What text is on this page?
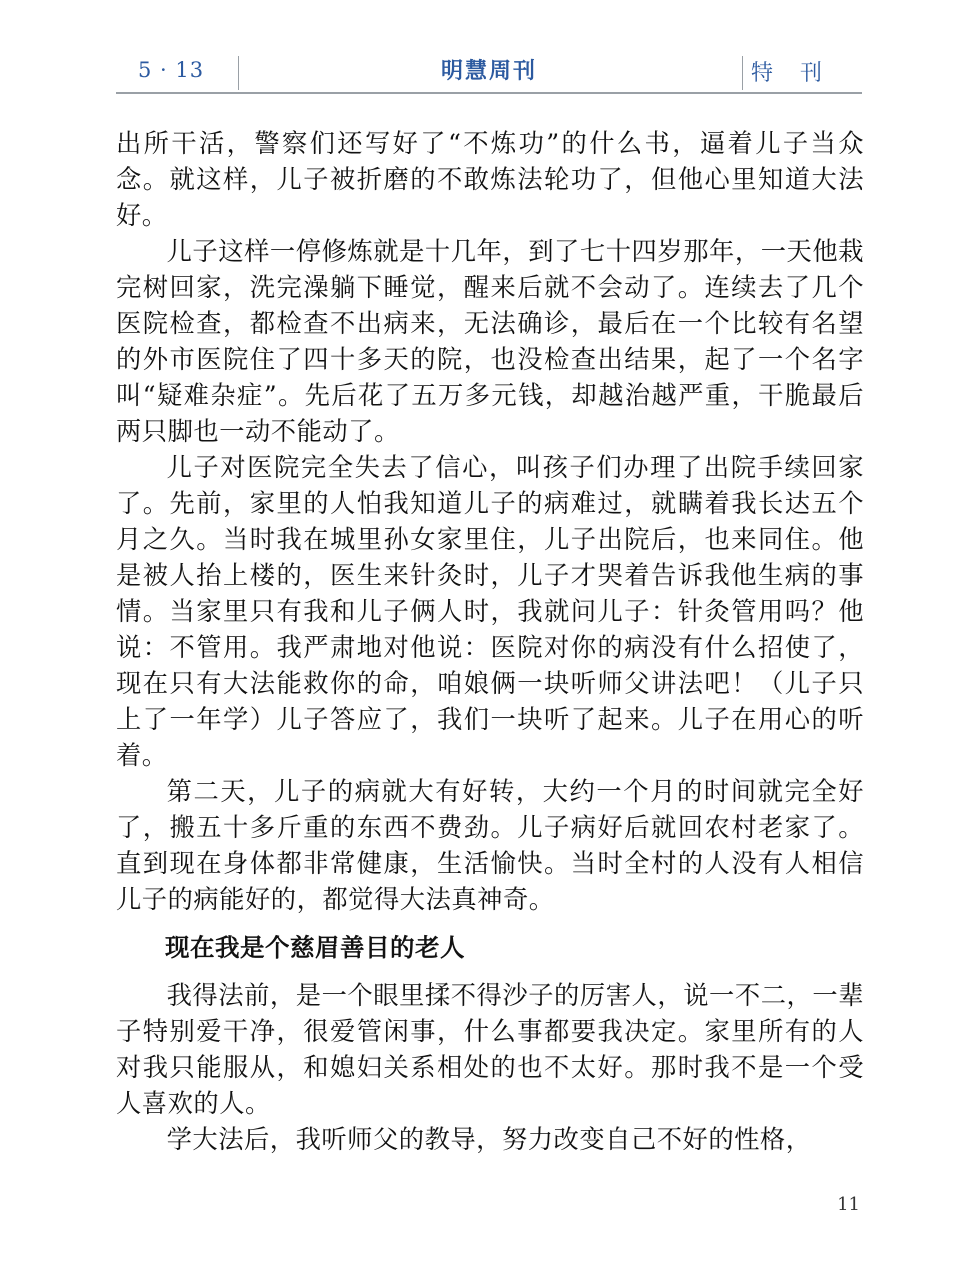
5 · 13	明慧周刊	特 刊

出所干活，警察们还写好了“不炼功”的什么书，逼着儿子当众念。就这样，儿子被折磨的不敢炼法轮功了，但他心里知道大法好。

儿子这样一停修炼就是十几年，到了七十四岁那年，一天他栽完树回家，洗完澡躺下睡觉，醒来后就不会动了。连续去了几个医院检查，都检查不出病来，无法确诊，最后在一个比较有名望的外市医院住了四十多天的院，也没检查出结果，起了一个名字叫“疑难杂症”。先后花了五万多元钱，却越治越严重，干脆最后两只脚也一动不能动了。

儿子对医院完全失去了信心，叫孩子们办理了出院手续回家了。先前，家里的人怕我知道儿子的病难过，就瞒着我长达五个月之久。当时我在城里孙女家里住，儿子出院后，也来同住。他是被人抬上楼的，医生来针灸时，儿子才哭着告诉我他生病的事情。当家里只有我和儿子俩人时，我就问儿子：针灸管用吗？他说：不管用。我严肃地对他说：医院对你的病没有什么招使了，现在只有大法能救你的命，咱娘俩一块听师父讲法吧！（儿子只上了一年学）儿子答应了，我们一块听了起来。儿子在用心的听着。

第二天，儿子的病就大有好转，大约一个月的时间就完全好了，搬五十多斤重的东西不费劲。儿子病好后就回农村老家了。直到现在身体都非常健康，生活愉快。当时全村的人没有人相信儿子的病能好的，都觉得大法真神奇。

现在我是个慈眉善目的老人

我得法前，是一个眼里揉不得沙子的厉害人，说一不二，一辈子特别爱干净，很爱管闲事，什么事都要我决定。家里所有的人对我只能服从，和媳妇关系相处的也不太好。那时我不是一个受人喜欢的人。

学大法后，我听师父的教导，努力改变自己不好的性格，

11
